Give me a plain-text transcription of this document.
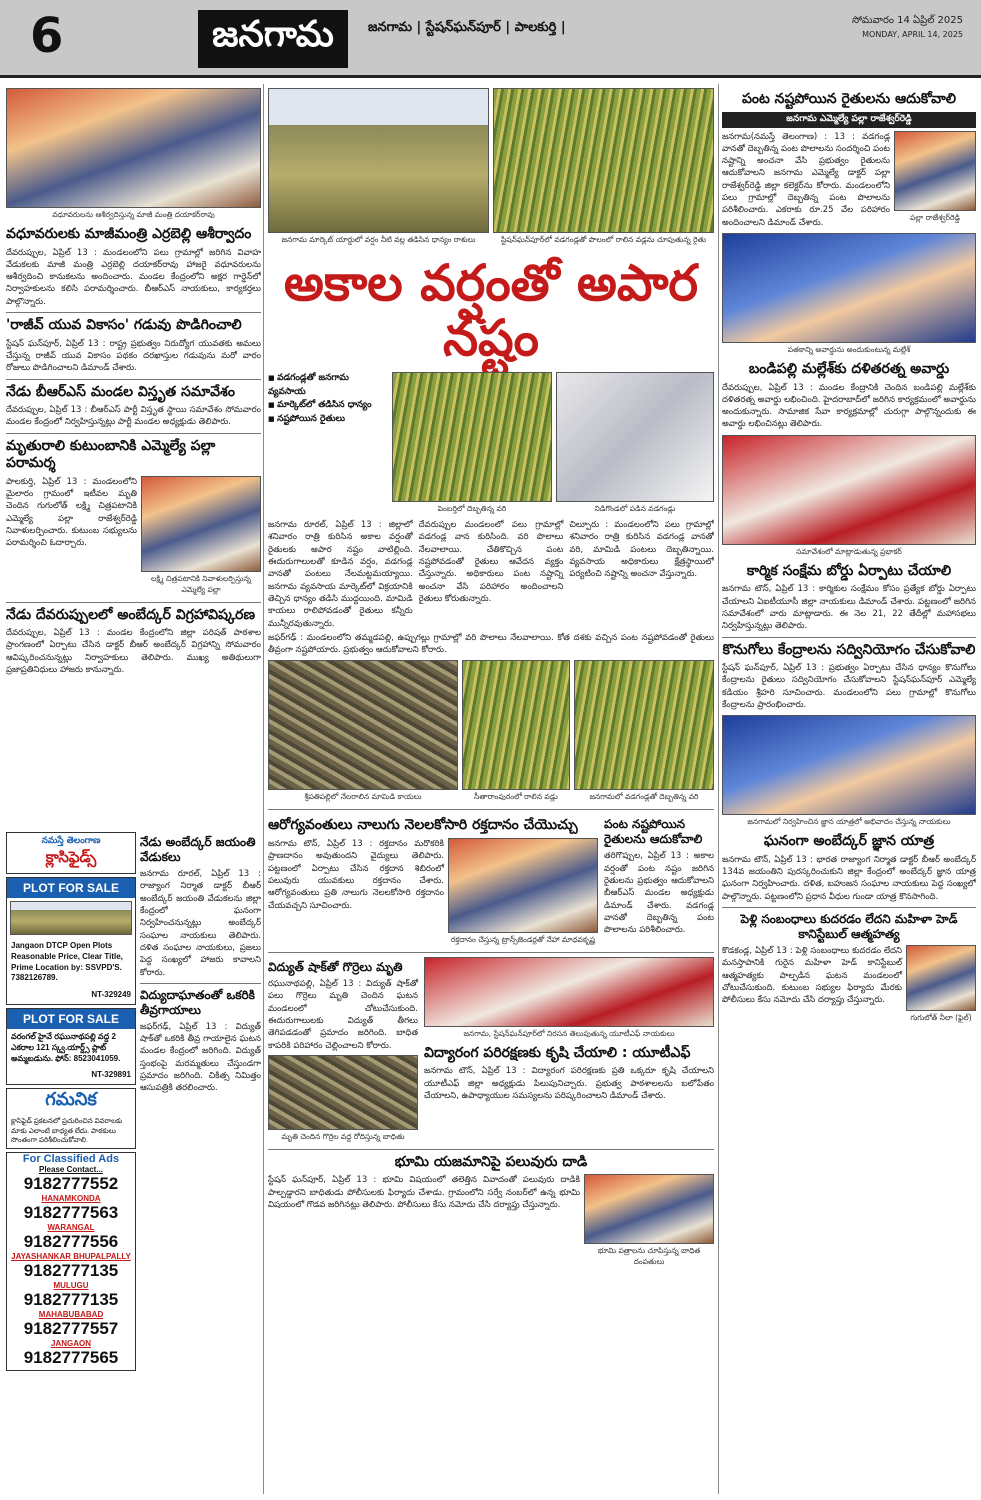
6	జనగామ	జనగామ | స్టేషన్‌ఘన్‌పూర్ | పాలకుర్తి |	సోమవారం 14 ఏప్రిల్ 2025
MONDAY, APRIL 14, 2025
వధూవరులను ఆశీర్వదిస్తున్న మాజీ మంత్రి దయాకర్‌రావు
వధూవరులకు మాజీమంత్రి ఎర్రబెల్లి ఆశీర్వాదం
దేవరుప్పుల, ఏప్రిల్ 13 : మండలంలోని పలు గ్రామాల్లో జరిగిన వివాహ వేడుకలకు మాజీ మంత్రి ఎర్రబెల్లి దయాకర్‌రావు హాజరై వధూవరులను ఆశీర్వదించి కానుకలను అందించారు. మండల కేంద్రంలోని అక్షర గార్డెన్‌లో నిర్వాహకులను కలిసి పరామర్శించారు. బీఆర్‌ఎస్ నాయకులు, కార్యకర్తలు పాల్గొన్నారు.
'రాజీవ్ యువ వికాసం' గడువు పొడిగించాలి
స్టేషన్ ఘన్‌పూర్, ఏప్రిల్ 13 : రాష్ట్ర ప్రభుత్వం నిరుద్యోగ యువతకు అమలు చేస్తున్న రాజీవ్ యువ వికాసం పథకం దరఖాస్తుల గడువును మరో వారం రోజులు పొడిగించాలని డిమాండ్ చేశారు.
నేడు బీఆర్‌ఎస్ మండల విస్తృత సమావేశం
దేవరుప్పుల, ఏప్రిల్ 13 : బీఆర్‌ఎస్ పార్టీ విస్తృత స్థాయి సమావేశం సోమవారం మండల కేంద్రంలో నిర్వహిస్తున్నట్లు పార్టీ మండల అధ్యక్షుడు తెలిపారు.
మృతురాలి కుటుంబానికి ఎమ్మెల్యే పల్లా పరామర్శ
పాలకుర్తి, ఏప్రిల్ 13 : మండలంలోని మైలారం గ్రామంలో ఇటీవల మృతి చెందిన గుగులోత్ లక్ష్మి చిత్రపటానికి ఎమ్మెల్యే పల్లా రాజేశ్వర్‌రెడ్డి నివాళులర్పించారు. కుటుంబ సభ్యులను పరామర్శించి ఓదార్చారు.
లక్ష్మి చిత్రపటానికి నివాళులర్పిస్తున్న ఎమ్మెల్యే పల్లా
నేడు దేవరుప్పులలో అంబేద్కర్ విగ్రహావిష్కరణ
దేవరుప్పుల, ఏప్రిల్ 13 : మండల కేంద్రంలోని జిల్లా పరిషత్ పాఠశాల ప్రాంగణంలో ఏర్పాటు చేసిన డాక్టర్ బీఆర్ అంబేద్కర్ విగ్రహాన్ని సోమవారం ఆవిష్కరించనున్నట్లు నిర్వాహకులు తెలిపారు. ముఖ్య అతిథులుగా ప్రజాప్రతినిధులు హాజరు కానున్నారు.
నమస్తే తెలంగాణ
క్లాసిఫైడ్స్
PLOT FOR SALE
Jangaon DTCP Open Plots Reasonable Price, Clear Title, Prime Location by: SSVPD'S. 7382126789.
NT-329249
PLOT FOR SALE
వరంగల్ హైవే రఘునాథపల్లి వద్ద 2 ఎకరాల 121 స్క్వ.యార్డ్స్ ప్లాట్ అమ్మబడును. ఫోన్: 8523041059.
NT-329891
గమనిక
క్లాసిఫైడ్ ప్రకటనలో ప్రచురించిన వివరాలకు మాకు ఎలాంటి బాధ్యత లేదు. పాఠకులు సొంతంగా పరిశీలించుకోవాలి.
For Classified Ads
Please Contact...
9182777552
HANAMKONDA
9182777563
WARANGAL
9182777556
JAYASHANKAR BHUPALPALLY
9182777135
MULUGU
9182777135
MAHABUBABAD
9182777557
JANGAON
9182777565
నేడు అంబేద్కర్ జయంతి వేడుకలు
జనగామ రూరల్, ఏప్రిల్ 13 : రాజ్యాంగ నిర్మాత డాక్టర్ బీఆర్ అంబేద్కర్ జయంతి వేడుకలను జిల్లా కేంద్రంలో ఘనంగా నిర్వహించనున్నట్లు అంబేద్కర్ సంఘాల నాయకులు తెలిపారు. దళిత సంఘాల నాయకులు, ప్రజలు పెద్ద సంఖ్యలో హాజరు కావాలని కోరారు.
విద్యుదాఘాతంతో ఒకరికి తీవ్రగాయాలు
జఫర్‌గఢ్, ఏప్రిల్ 13 : విద్యుత్ షాక్‌తో ఒకరికి తీవ్ర గాయాలైన ఘటన మండల కేంద్రంలో జరిగింది. విద్యుత్ స్తంభంపై మరమ్మతులు చేస్తుండగా ప్రమాదం జరిగింది. చికిత్స నిమిత్తం ఆసుపత్రికి తరలించారు.
జనగామ మార్కెట్ యార్డులో వర్షం నీటి వల్ల తడిసిన ధాన్యం రాశులు	స్టేషన్‌ఘన్‌పూర్‌లో వడగండ్లతో పొలంలో రాలిన వడ్లను చూపుతున్న రైతు
అకాల వర్షంతో అపార నష్టం
■ వడగండ్లతో జనగామ వ్యవసాయ
■ మార్కెట్‌లో తడిసిన ధాన్యం
■ నష్టపోయిన రైతులు
పెంబర్తిలో దెబ్బతిన్న వరి	నిడిగొండలో పడిన వడగండ్లు
జనగామ రూరల్, ఏప్రిల్ 13 : జిల్లాలో శనివారం రాత్రి కురిసిన అకాల వర్షంతో రైతులకు అపార నష్టం వాటిల్లింది. ఈదురుగాలులతో కూడిన వర్షం, వడగండ్ల వానతో పంటలు నేలమట్టమయ్యాయి. జనగామ వ్యవసాయ మార్కెట్‌లో విక్రయానికి తెచ్చిన ధాన్యం తడిసి ముద్దయింది. మామిడి కాయలు రాలిపోవడంతో రైతులు కన్నీరు మున్నీరవుతున్నారు.
దేవరుప్పుల మండలంలో పలు గ్రామాల్లో వడగండ్ల వాన కురిసింది. వరి పొలాలు నేలవాలాయి. చేతికొచ్చిన పంట నష్టపోవడంతో రైతులు ఆవేదన వ్యక్తం చేస్తున్నారు. అధికారులు పంట నష్టాన్ని అంచనా వేసి పరిహారం అందించాలని రైతులు కోరుతున్నారు.
చిల్పూరు : మండలంలోని పలు గ్రామాల్లో శనివారం రాత్రి కురిసిన వడగండ్ల వానతో వరి, మామిడి పంటలు దెబ్బతిన్నాయి. వ్యవసాయ అధికారులు క్షేత్రస్థాయిలో పర్యటించి నష్టాన్ని అంచనా వేస్తున్నారు.
జఫర్‌గఢ్ : మండలంలోని తమ్మడపల్లి, ఉప్పుగల్లు గ్రామాల్లో వరి పొలాలు నేలవాలాయి. కోత దశకు వచ్చిన పంట నష్టపోవడంతో రైతులు తీవ్రంగా నష్టపోయారు. ప్రభుత్వం ఆదుకోవాలని కోరారు.
శ్రీపతిపల్లిలో నేలరాలిన మామిడి కాయలు	సీతారాంపురంలో రాలిన వడ్లు	జనగామలో వడగండ్లతో దెబ్బతిన్న వరి
ఆరోగ్యవంతులు నాలుగు నెలలకోసారి రక్తదానం చేయొచ్చు
జనగామ టౌన్, ఏప్రిల్ 13 : రక్తదానం మరొకరికి ప్రాణదానం అవుతుందని వైద్యులు తెలిపారు. పట్టణంలో ఏర్పాటు చేసిన రక్తదాన శిబిరంలో పలువురు యువకులు రక్తదానం చేశారు. ఆరోగ్యవంతులు ప్రతి నాలుగు నెలలకోసారి రక్తదానం చేయవచ్చని సూచించారు.
రక్తదానం చేస్తున్న ట్రాన్స్‌జెండర్లతో నేహా మాధవకృష్ణ
పంట నష్టపోయిన రైతులను ఆదుకోవాలి
తరిగొప్పుల, ఏప్రిల్ 13 : అకాల వర్షంతో పంట నష్టం జరిగిన రైతులను ప్రభుత్వం ఆదుకోవాలని బీఆర్‌ఎస్ మండల అధ్యక్షుడు డిమాండ్ చేశారు. వడగండ్ల వానతో దెబ్బతిన్న పంట పొలాలను పరిశీలించారు.
విద్యుత్ షాక్‌తో గొర్రెలు మృతి
రఘునాథపల్లి, ఏప్రిల్ 13 : విద్యుత్ షాక్‌తో పలు గొర్రెలు మృతి చెందిన ఘటన మండలంలో చోటుచేసుకుంది. ఈదురుగాలులకు విద్యుత్ తీగలు తెగిపడడంతో ప్రమాదం జరిగింది. బాధిత కాపరికి పరిహారం చెల్లించాలని కోరారు.
మృతి చెందిన గొర్రెల వద్ద రోదిస్తున్న బాధితు
జనగామ, స్టేషన్‌ఘన్‌పూర్‌లో నిరసన తెలుపుతున్న యూటీఎఫ్ నాయకులు
విద్యారంగ పరిరక్షణకు కృషి చేయాలి : యూటీఎఫ్
జనగామ టౌన్, ఏప్రిల్ 13 : విద్యారంగ పరిరక్షణకు ప్రతి ఒక్కరూ కృషి చేయాలని యూటీఎఫ్ జిల్లా అధ్యక్షుడు పిలుపునిచ్చారు. ప్రభుత్వ పాఠశాలలను బలోపేతం చేయాలని, ఉపాధ్యాయుల సమస్యలను పరిష్కరించాలని డిమాండ్ చేశారు.
భూమి యజమానిపై పలువురు దాడి
స్టేషన్ ఘన్‌పూర్, ఏప్రిల్ 13 : భూమి విషయంలో తలెత్తిన వివాదంతో పలువురు దాడికి పాల్పడ్డారని బాధితుడు పోలీసులకు ఫిర్యాదు చేశాడు. గ్రామంలోని సర్వే నంబర్‌లో ఉన్న భూమి విషయంలో గొడవ జరిగినట్లు తెలిపారు. పోలీసులు కేసు నమోదు చేసి దర్యాప్తు చేస్తున్నారు.
భూమి పత్రాలను చూపిస్తున్న బాధిత దంపతులు
పంట నష్టపోయిన రైతులను ఆదుకోవాలి
జనగామ ఎమ్మెల్యే పల్లా రాజేశ్వర్‌రెడ్డి
జనగామ(నమస్తే తెలంగాణ) : 13 : వడగండ్ల వానతో దెబ్బతిన్న పంట పొలాలను సందర్శించి పంట నష్టాన్ని అంచనా వేసి ప్రభుత్వం రైతులను ఆదుకోవాలని జనగామ ఎమ్మెల్యే డాక్టర్ పల్లా రాజేశ్వర్‌రెడ్డి జిల్లా కలెక్టర్‌ను కోరారు. మండలంలోని పలు గ్రామాల్లో దెబ్బతిన్న పంట పొలాలను పరిశీలించారు. ఎకరాకు రూ.25 వేల పరిహారం అందించాలని డిమాండ్ చేశారు.
పల్లా రాజేశ్వర్‌రెడ్డి
పతకాన్ని అవార్డును అందుకుంటున్న మల్లేశ్
బండిపల్లి మల్లేశ్‌కు దళితరత్న అవార్డు
దేవరుప్పుల, ఏప్రిల్ 13 : మండల కేంద్రానికి చెందిన బండిపల్లి మల్లేశ్‌కు దళితరత్న అవార్డు లభించింది. హైదరాబాద్‌లో జరిగిన కార్యక్రమంలో అవార్డును అందుకున్నారు. సామాజిక సేవా కార్యక్రమాల్లో చురుగ్గా పాల్గొన్నందుకు ఈ అవార్డు లభించినట్లు తెలిపారు.
సమావేశంలో మాట్లాడుతున్న ప్రభాకర్
కార్మిక సంక్షేమ బోర్డు ఏర్పాటు చేయాలి
జనగామ టౌన్, ఏప్రిల్ 13 : కార్మికుల సంక్షేమం కోసం ప్రత్యేక బోర్డు ఏర్పాటు చేయాలని ఏఐటీయూసీ జిల్లా నాయకులు డిమాండ్ చేశారు. పట్టణంలో జరిగిన సమావేశంలో వారు మాట్లాడారు. ఈ నెల 21, 22 తేదీల్లో మహాసభలు నిర్వహిస్తున్నట్లు తెలిపారు.
కొనుగోలు కేంద్రాలను సద్వినియోగం చేసుకోవాలి
స్టేషన్ ఘన్‌పూర్, ఏప్రిల్ 13 : ప్రభుత్వం ఏర్పాటు చేసిన ధాన్యం కొనుగోలు కేంద్రాలను రైతులు సద్వినియోగం చేసుకోవాలని స్టేషన్‌ఘన్‌పూర్ ఎమ్మెల్యే కడియం శ్రీహరి సూచించారు. మండలంలోని పలు గ్రామాల్లో కొనుగోలు కేంద్రాలను ప్రారంభించారు.
జనగామలో నిర్వహించిన జ్ఞాన యాత్రలో అభివాదం చేస్తున్న నాయకులు
ఘనంగా అంబేద్కర్ జ్ఞాన యాత్ర
జనగామ టౌన్, ఏప్రిల్ 13 : భారత రాజ్యాంగ నిర్మాత డాక్టర్ బీఆర్ అంబేద్కర్ 134వ జయంతిని పురస్కరించుకుని జిల్లా కేంద్రంలో అంబేద్కర్ జ్ఞాన యాత్ర ఘనంగా నిర్వహించారు. దళిత, బహుజన సంఘాల నాయకులు పెద్ద సంఖ్యలో పాల్గొన్నారు. పట్టణంలోని ప్రధాన వీధుల గుండా యాత్ర కొనసాగింది.
పెళ్లి సంబంధాలు కుదరడం లేదని మహిళా హెడ్ కానిస్టేబుల్ ఆత్మహత్య
కొడకండ్ల, ఏప్రిల్ 13 : పెళ్లి సంబంధాలు కుదరడం లేదని మనస్తాపానికి గురైన మహిళా హెడ్ కానిస్టేబుల్ ఆత్మహత్యకు పాల్పడిన ఘటన మండలంలో చోటుచేసుకుంది. కుటుంబ సభ్యుల ఫిర్యాదు మేరకు పోలీసులు కేసు నమోదు చేసి దర్యాప్తు చేస్తున్నారు.
గుగులోత్ నీలా (ఫైల్)
